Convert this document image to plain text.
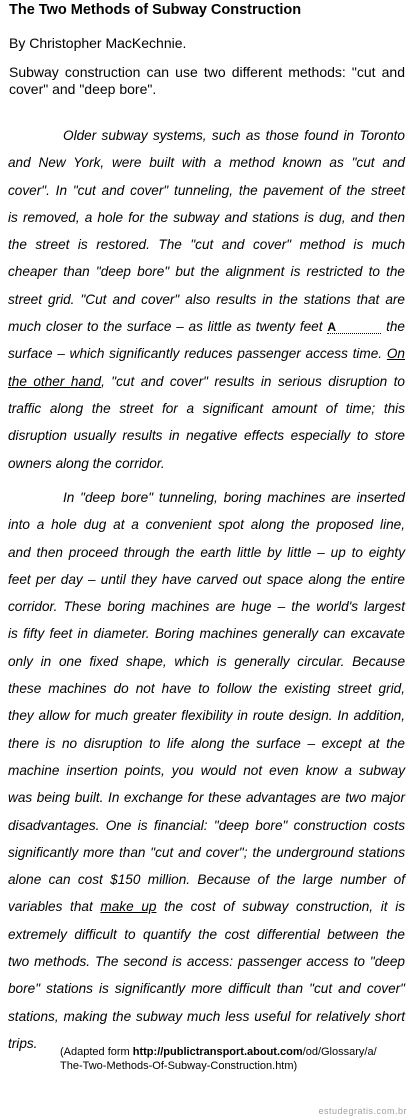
The Two Methods of Subway Construction
By Christopher MacKechnie.
Subway construction can use two different methods: "cut and cover" and "deep bore".
Older subway systems, such as those found in Toronto
and New York, were built with a method known as "cut and
cover". In "cut and cover" tunneling, the pavement of the street
is removed, a hole for the subway and stations is dug, and then
the street is restored. The "cut and cover" method is much
cheaper than "deep bore" but the alignment is restricted to the
street grid. "Cut and cover" also results in the stations that are
much closer to the surface – as little as twenty feet A	the
surface – which significantly reduces passenger access time. On
the other hand, "cut and cover" results in serious disruption to
traffic along the street for a significant amount of time; this
disruption usually results in negative effects especially to store
owners along the corridor.
In "deep bore" tunneling, boring machines are inserted
into a hole dug at a convenient spot along the proposed line,
and then proceed through the earth little by little – up to eighty
feet per day – until they have carved out space along the entire
corridor. These boring machines are huge – the world's largest
is fifty feet in diameter. Boring machines generally can excavate
only in one fixed shape, which is generally circular. Because
these machines do not have to follow the existing street grid,
they allow for much greater flexibility in route design. In addition,
there is no disruption to life along the surface – except at the
machine insertion points, you would not even know a subway
was being built. In exchange for these advantages are two major
disadvantages. One is financial: "deep bore" construction costs
significantly more than "cut and cover"; the underground stations
alone can cost $150 million. Because of the large number of
variables that make up the cost of subway construction, it is
extremely difficult to quantify the cost differential between the
two methods. The second is access: passenger access to "deep
bore" stations is significantly more difficult than "cut and cover"
stations, making the subway much less useful for relatively short
trips.
(Adapted form http://publictransport.about.com/od/Glossary/a/
The-Two-Methods-Of-Subway-Construction.htm)
estudegratis.com.br
